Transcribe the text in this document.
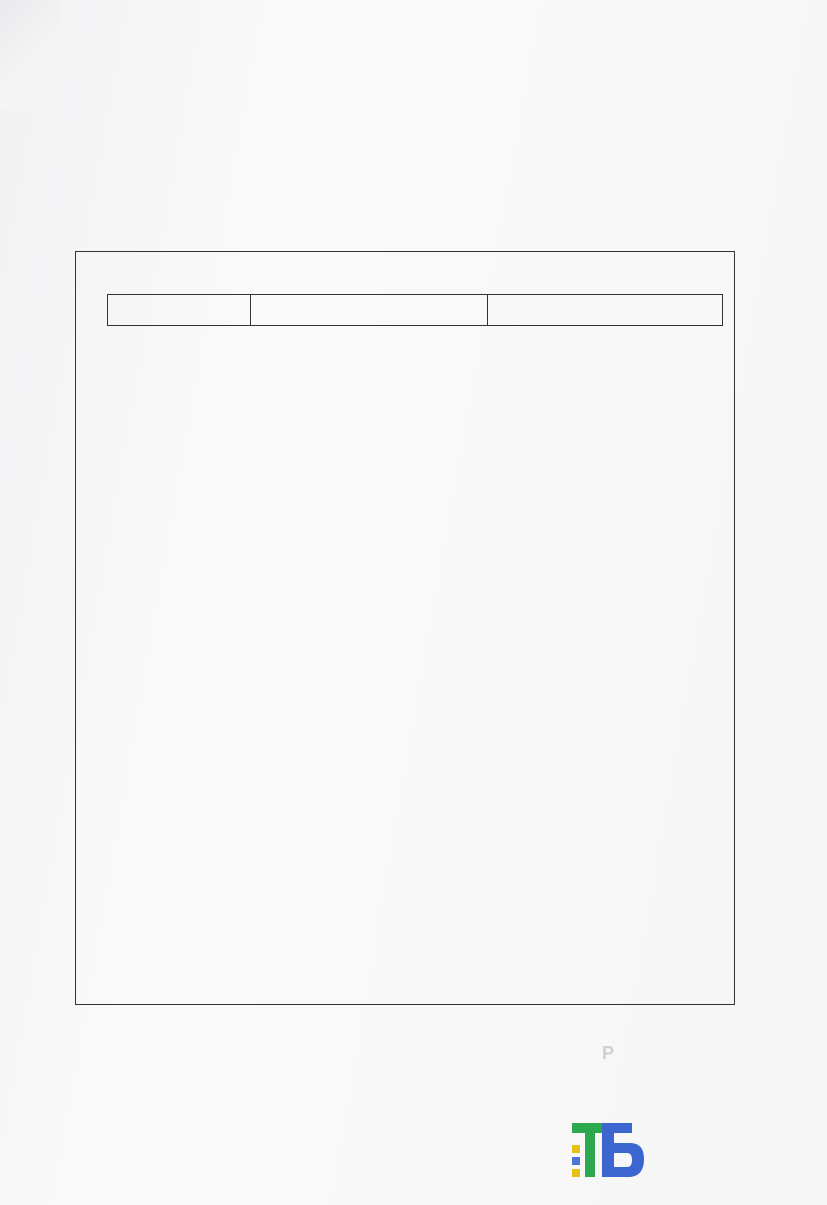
Р
